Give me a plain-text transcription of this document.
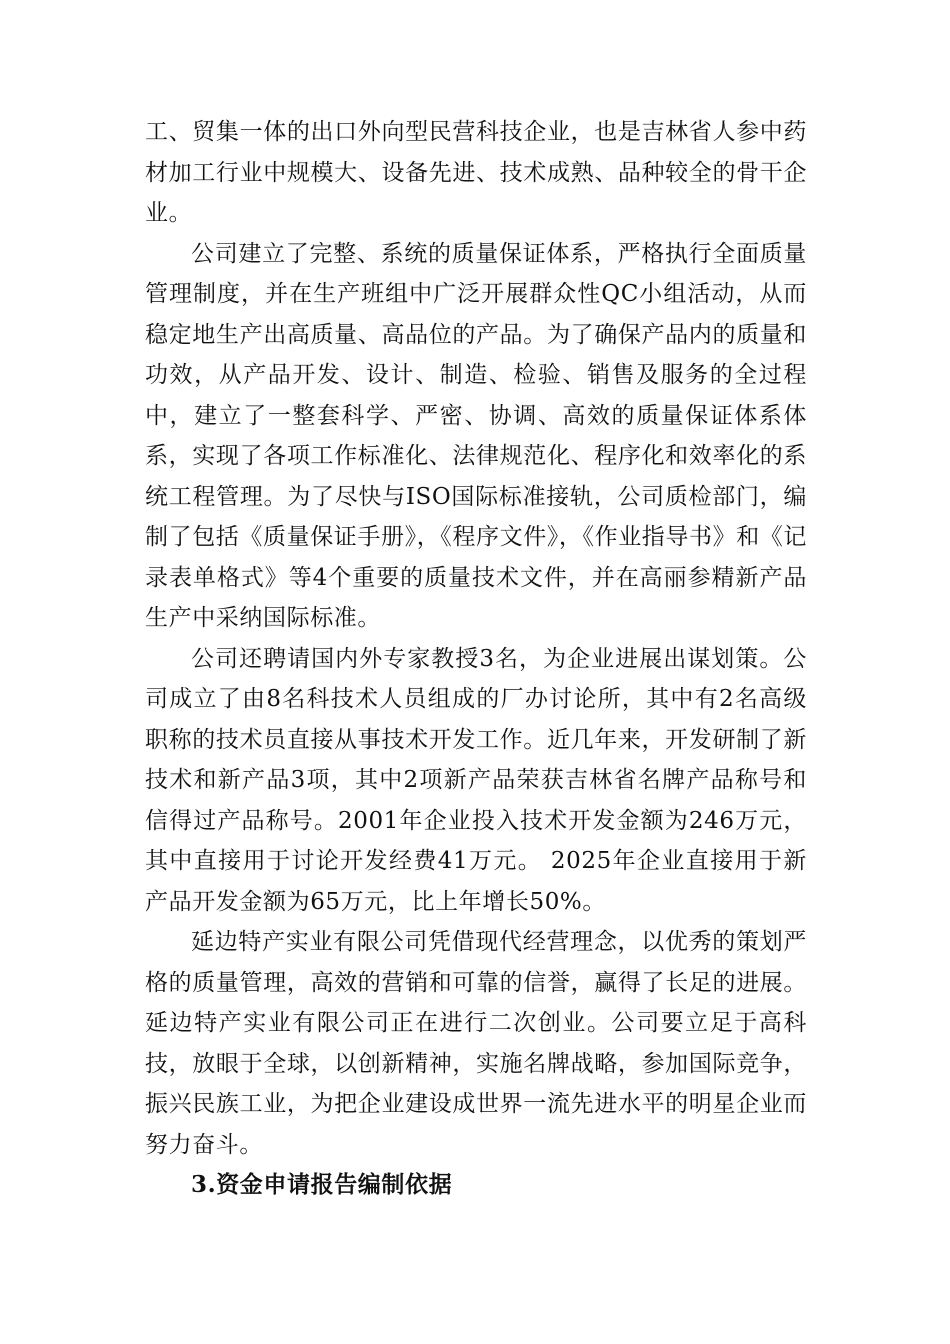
工、贸集一体的出口外向型民营科技企业，也是吉林省人参中药材加工行业中规模大、设备先进、技术成熟、品种较全的骨干企业。

公司建立了完整、系统的质量保证体系，严格执行全面质量管理制度，并在生产班组中广泛开展群众性QC小组活动，从而稳定地生产出高质量、高品位的产品。为了确保产品内的质量和功效，从产品开发、设计、制造、检验、销售及服务的全过程中，建立了一整套科学、严密、协调、高效的质量保证体系体系，实现了各项工作标准化、法律规范化、程序化和效率化的系统工程管理。为了尽快与ISO国际标准接轨，公司质检部门，编制了包括《质量保证手册》，《程序文件》，《作业指导书》和《记录表单格式》等4个重要的质量技术文件，并在高丽参精新产品生产中采纳国际标准。

公司还聘请国内外专家教授3名，为企业进展出谋划策。公司成立了由8名科技术人员组成的厂办讨论所，其中有2名高级职称的技术员直接从事技术开发工作。近几年来，开发研制了新技术和新产品3项，其中2项新产品荣获吉林省名牌产品称号和信得过产品称号。2001年企业投入技术开发金额为246万元，其中直接用于讨论开发经费41万元。 2025年企业直接用于新产品开发金额为65万元，比上年增长50%。

延边特产实业有限公司凭借现代经营理念，以优秀的策划严格的质量管理，高效的营销和可靠的信誉，赢得了长足的进展。延边特产实业有限公司正在进行二次创业。公司要立足于高科技，放眼于全球，以创新精神，实施名牌战略，参加国际竞争，振兴民族工业，为把企业建设成世界一流先进水平的明星企业而努力奋斗。

3.资金申请报告编制依据
